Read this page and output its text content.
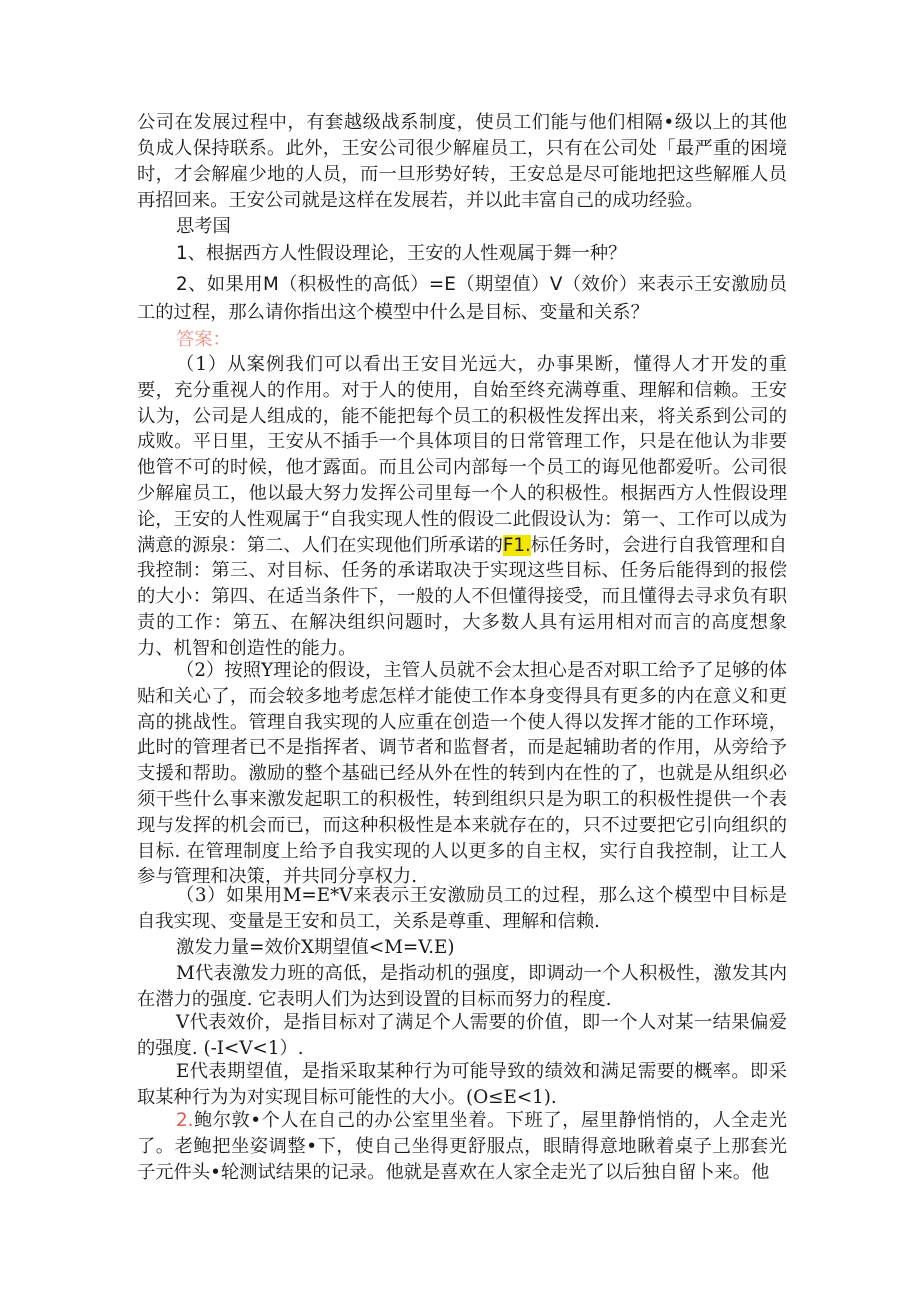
公司在发展过程中，有套越级战系制度，使员工们能与他们相隔•级以上的其他负成人保持联系。此外，王安公司很少解雇员工，只有在公司处「最严重的困境时，才会解雇少地的人员，而一旦形势好转，王安总是尽可能地把这些解雁人员再招回来。王安公司就是这样在发展若，并以此丰富自己的成功经验。

思考国

1、根据西方人性假设理论，王安的人性观属于舞一种？

2、如果用M（积极性的高低）=E（期望值）V（效价）来表示王安激励员工的过程，那么请你指出这个模型中什么是目标、变量和关系？

答案：

（1）从案例我们可以看出王安目光远大，办事果断，懂得人才开发的重要，充分重视人的作用。对于人的使用，自始至终充满尊重、理解和信赖。王安认为，公司是人组成的，能不能把每个员工的积极性发挥出来，将关系到公司的成败。平日里，王安从不插手一个具体项目的日常管理工作，只是在他认为非要他管不可的时候，他才露面。而且公司内部每一个员工的诲见他都爱听。公司很少解雇员工，他以最大努力发挥公司里每一个人的积极性。根据西方人性假设理论，王安的人性观属于“自我实现人性的假设二此假设认为：第一、工作可以成为满意的源泉：第二、人们在实现他们所承诺的F1.标任务时，会进行自我管理和自我控制：第三、对目标、任务的承诺取决于实现这些目标、任务后能得到的报偿的大小：第四、在适当条件下，一般的人不但懂得接受，而且懂得去寻求负有职责的工作：第五、在解决组织问题时，大多数人具有运用相对而言的高度想象力、机智和创造性的能力。

（2）按照Y理论的假设，主管人员就不会太担心是否对职工给予了足够的体贴和关心了，而会较多地考虑怎样才能使工作本身变得具有更多的内在意义和更高的挑战性。管理自我实现的人应重在创造一个使人得以发挥才能的工作环境，此时的管理者已不是指挥者、调节者和监督者，而是起辅助者的作用，从旁给予支援和帮助。激励的整个基础已经从外在性的转到内在性的了，也就是从组织必须干些什么事来激发起职工的积极性，转到组织只是为职工的积极性提供一个表现与发挥的机会而已，而这种积极性是本来就存在的，只不过要把它引向组织的目标. 在管理制度上给予自我实现的人以更多的自主权，实行自我控制，让工人参与管理和决策，并共同分享权力.

（3）如果用M=E*V来表示王安激励员工的过程，那么这个模型中目标是自我实现、变量是王安和员工，关系是尊重、理解和信赖.

激发力量=效价X期望值<M=V.E)

M代表激发力班的高低，是指动机的强度，即调动一个人积极性，激发其内在潜力的强度. 它表明人们为达到设置的目标而努力的程度.

V代表效价，是指目标对了满足个人需要的价值，即一个人对某一结果偏爱的强度. (-I<V<1）.

E代表期望值，是指采取某种行为可能导致的绩效和满足需要的概率。即采取某种行为为对实现目标可能性的大小。(O≤E<1).

2.鲍尔敦•个人在自己的办公室里坐着。下班了，屋里静悄悄的，人全走光了。老鲍把坐姿调整•下，使自己坐得更舒服点，眼睛得意地瞅着桌子上那套光子元件头•轮测试结果的记录。他就是喜欢在人家全走光了以后独自留卜来。他
